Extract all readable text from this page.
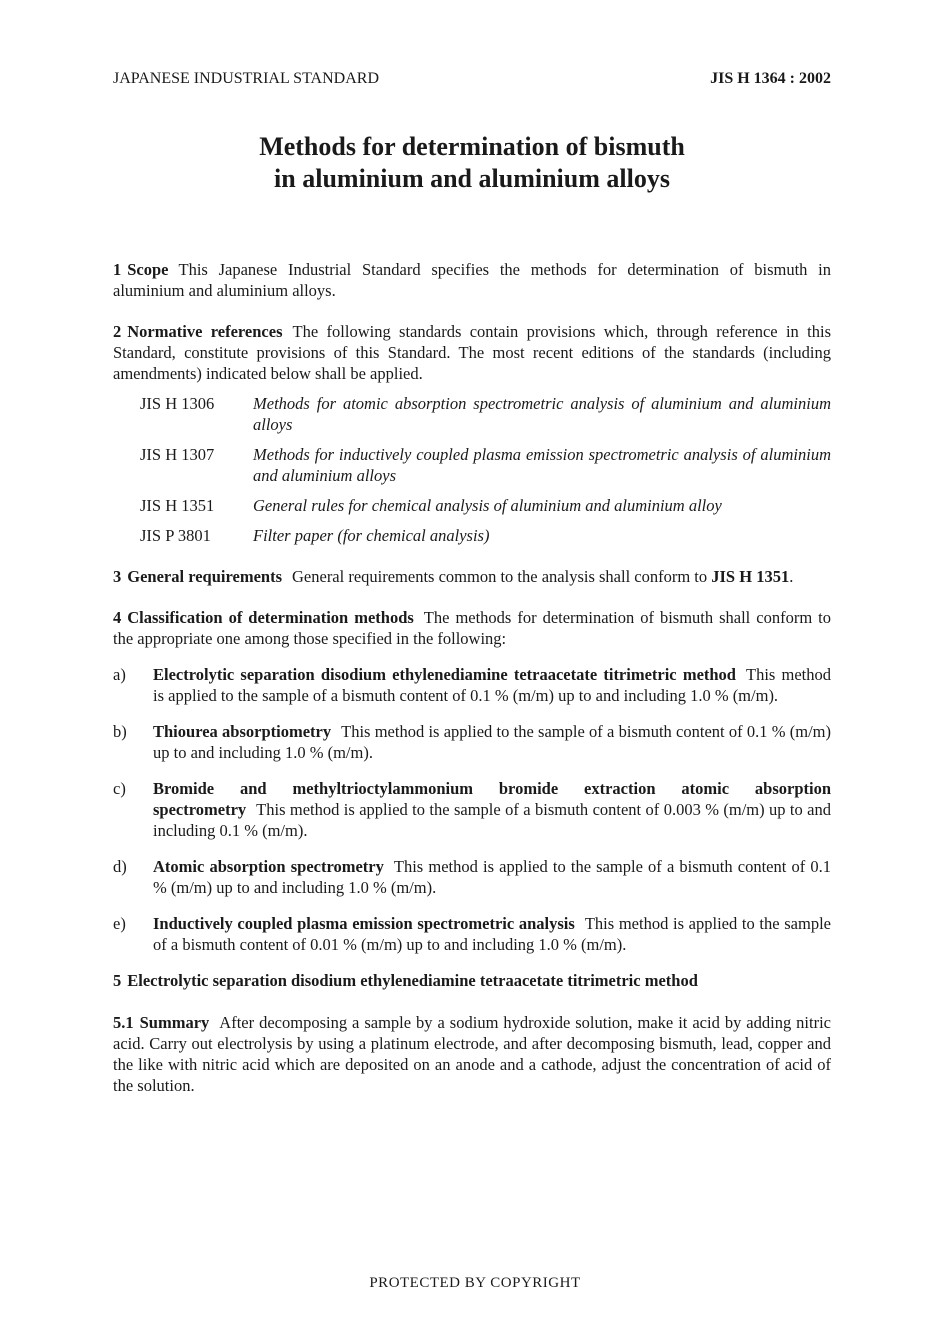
JAPANESE INDUSTRIAL STANDARD	JIS H 1364 : 2002
Methods for determination of bismuth
in aluminium and aluminium alloys

1 Scope This Japanese Industrial Standard specifies the methods for determination of bismuth in aluminium and aluminium alloys.

2 Normative references The following standards contain provisions which, through reference in this Standard, constitute provisions of this Standard. The most recent editions of the standards (including amendments) indicated below shall be applied.

JIS H 1306	Methods for atomic absorption spectrometric analysis of aluminium and aluminium alloys
JIS H 1307	Methods for inductively coupled plasma emission spectrometric analysis of aluminium and aluminium alloys
JIS H 1351	General rules for chemical analysis of aluminium and aluminium alloy
JIS P 3801	Filter paper (for chemical analysis)

3 General requirements General requirements common to the analysis shall conform to JIS H 1351.

4 Classification of determination methods The methods for determination of bismuth shall conform to the appropriate one among those specified in the following:

a)	Electrolytic separation disodium ethylenediamine tetraacetate titrimetric method This method is applied to the sample of a bismuth content of 0.1 % (m/m) up to and including 1.0 % (m/m).
b)	Thiourea absorptiometry This method is applied to the sample of a bismuth content of 0.1 % (m/m) up to and including 1.0 % (m/m).
c)	Bromide and methyltrioctylammonium bromide extraction atomic absorption spectrometry This method is applied to the sample of a bismuth content of 0.003 % (m/m) up to and including 0.1 % (m/m).
d)	Atomic absorption spectrometry This method is applied to the sample of a bismuth content of 0.1 % (m/m) up to and including 1.0 % (m/m).
e)	Inductively coupled plasma emission spectrometric analysis This method is applied to the sample of a bismuth content of 0.01 % (m/m) up to and including 1.0 % (m/m).

5 Electrolytic separation disodium ethylenediamine tetraacetate titrimetric method

5.1 Summary After decomposing a sample by a sodium hydroxide solution, make it acid by adding nitric acid. Carry out electrolysis by using a platinum electrode, and after decomposing bismuth, lead, copper and the like with nitric acid which are deposited on an anode and a cathode, adjust the concentration of acid of the solution.

PROTECTED BY COPYRIGHT
